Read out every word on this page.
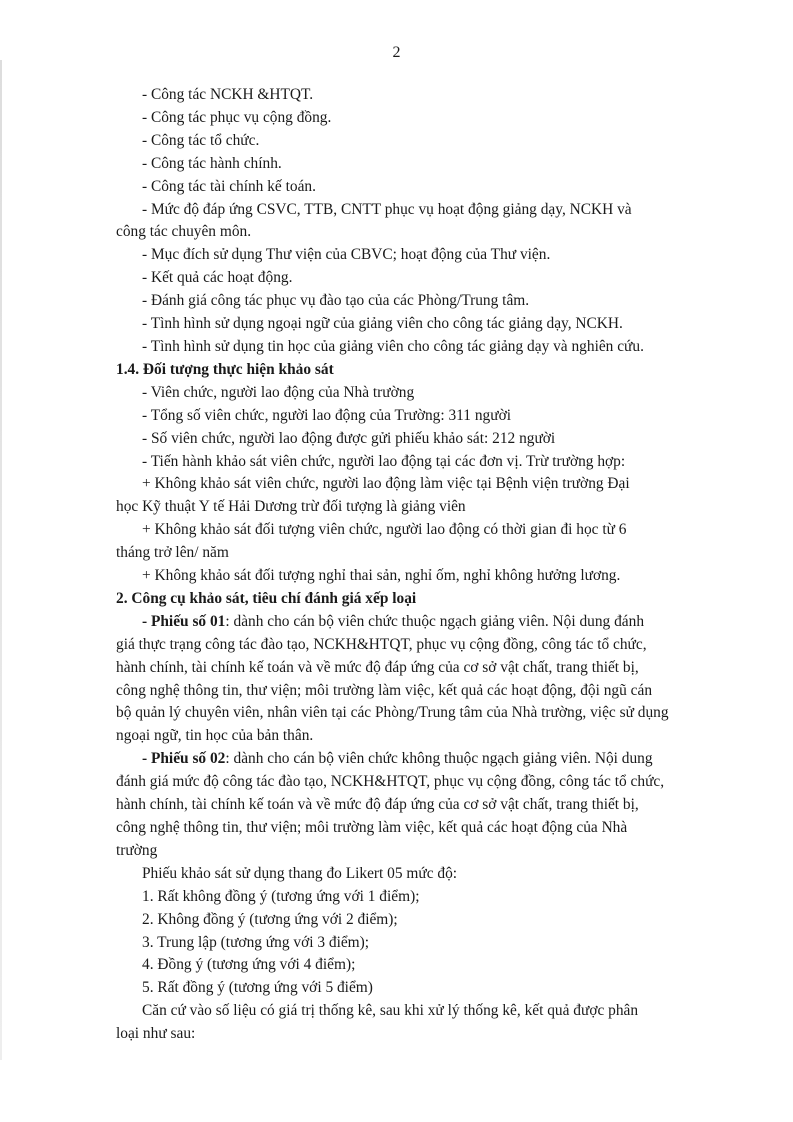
2

- Công tác NCKH &HTQT.

- Công tác phục vụ cộng đồng.

- Công tác tổ chức.

- Công tác hành chính.

- Công tác tài chính kế toán.

- Mức độ đáp ứng CSVC, TTB, CNTT phục vụ hoạt động giảng dạy, NCKH và

công tác chuyên môn.

- Mục đích sử dụng Thư viện của CBVC; hoạt động của Thư viện.

- Kết quả các hoạt động.

- Đánh giá công tác phục vụ đào tạo của các Phòng/Trung tâm.

- Tình hình sử dụng ngoại ngữ của giảng viên cho công tác giảng dạy, NCKH.

- Tình hình sử dụng tin học của giảng viên cho công tác giảng dạy và nghiên cứu.

1.4. Đối tượng thực hiện khảo sát

- Viên chức, người lao động của Nhà trường

- Tổng số viên chức, người lao động của Trường: 311 người

- Số viên chức, người lao động được gửi phiếu khảo sát: 212 người

- Tiến hành khảo sát viên chức, người lao động tại các đơn vị. Trừ trường hợp:

+ Không khảo sát viên chức, người lao động làm việc tại Bệnh viện trường Đại

học Kỹ thuật Y tế Hải Dương trừ đối tượng là giảng viên

+ Không khảo sát đối tượng viên chức, người lao động có thời gian đi học từ 6

tháng trở lên/ năm

+ Không khảo sát đối tượng nghỉ thai sản, nghỉ ốm, nghỉ không hưởng lương.

2. Công cụ khảo sát, tiêu chí đánh giá xếp loại

- Phiếu số 01: dành cho cán bộ viên chức thuộc ngạch giảng viên. Nội dung đánh

giá thực trạng công tác đào tạo, NCKH&HTQT, phục vụ cộng đồng, công tác tổ chức,

hành chính, tài chính kế toán và về mức độ đáp ứng của cơ sở vật chất, trang thiết bị,

công nghệ thông tin, thư viện; môi trường làm việc, kết quả các hoạt động, đội ngũ cán

bộ quản lý chuyên viên, nhân viên tại các Phòng/Trung tâm của Nhà trường, việc sử dụng

ngoại ngữ, tin học của bản thân.

- Phiếu số 02: dành cho cán bộ viên chức không thuộc ngạch giảng viên. Nội dung

đánh giá mức độ công tác đào tạo, NCKH&HTQT, phục vụ cộng đồng, công tác tổ chức,

hành chính, tài chính kế toán và về mức độ đáp ứng của cơ sở vật chất, trang thiết bị,

công nghệ thông tin, thư viện; môi trường làm việc, kết quả các hoạt động của Nhà

trường

Phiếu khảo sát sử dụng thang đo Likert 05 mức độ:

1. Rất không đồng ý (tương ứng với 1 điểm);

2. Không đồng ý (tương ứng với 2 điểm);

3. Trung lập (tương ứng với 3 điểm);

4. Đồng ý (tương ứng với 4 điểm);

5. Rất đồng ý (tương ứng với 5 điểm)

Căn cứ vào số liệu có giá trị thống kê, sau khi xử lý thống kê, kết quả được phân

loại như sau:
